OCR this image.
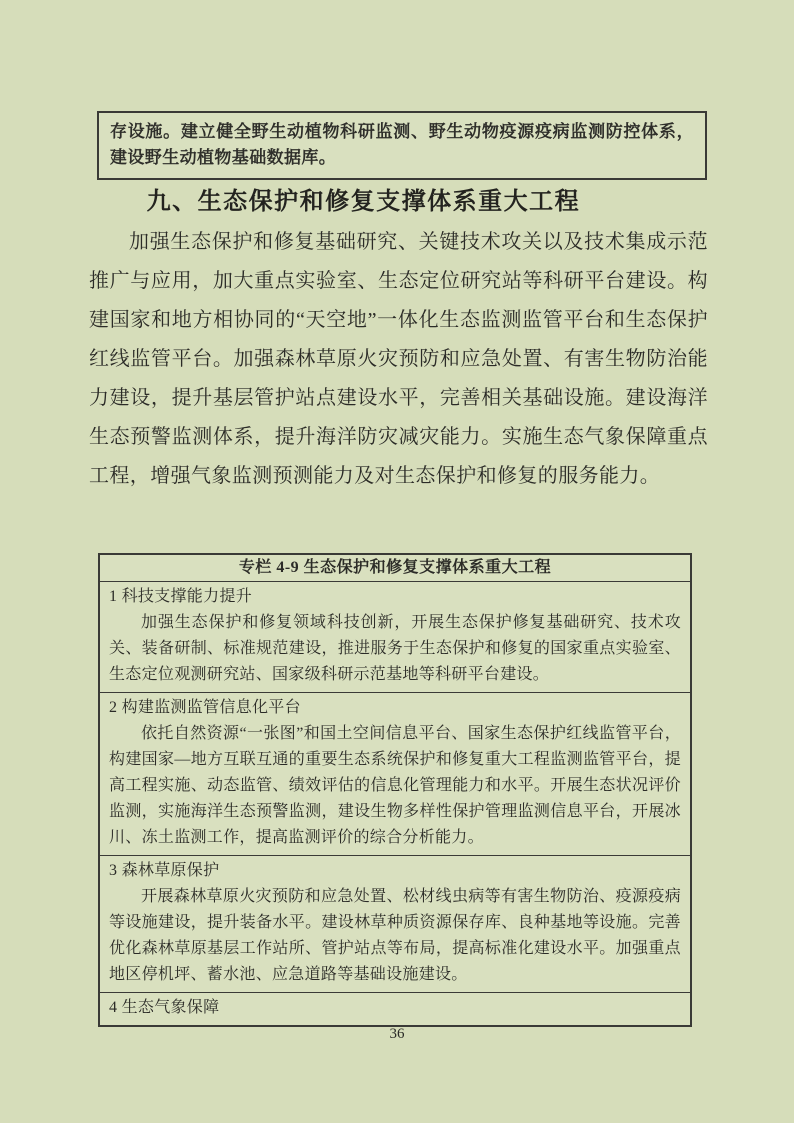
存设施。建立健全野生动植物科研监测、野生动物疫源疫病监测防控体系，建设野生动植物基础数据库。

九、生态保护和修复支撑体系重大工程

加强生态保护和修复基础研究、关键技术攻关以及技术集成示范推广与应用，加大重点实验室、生态定位研究站等科研平台建设。构建国家和地方相协同的“天空地”一体化生态监测监管平台和生态保护红线监管平台。加强森林草原火灾预防和应急处置、有害生物防治能力建设，提升基层管护站点建设水平，完善相关基础设施。建设海洋生态预警监测体系，提升海洋防灾减灾能力。实施生态气象保障重点工程，增强气象监测预测能力及对生态保护和修复的服务能力。

专栏 4-9 生态保护和修复支撑体系重大工程

1 科技支撑能力提升

加强生态保护和修复领域科技创新，开展生态保护修复基础研究、技术攻关、装备研制、标准规范建设，推进服务于生态保护和修复的国家重点实验室、生态定位观测研究站、国家级科研示范基地等科研平台建设。

2 构建监测监管信息化平台

依托自然资源“一张图”和国土空间信息平台、国家生态保护红线监管平台，构建国家—地方互联互通的重要生态系统保护和修复重大工程监测监管平台，提高工程实施、动态监管、绩效评估的信息化管理能力和水平。开展生态状况评价监测，实施海洋生态预警监测，建设生物多样性保护管理监测信息平台，开展冰川、冻土监测工作，提高监测评价的综合分析能力。

3 森林草原保护

开展森林草原火灾预防和应急处置、松材线虫病等有害生物防治、疫源疫病等设施建设，提升装备水平。建设林草种质资源保存库、良种基地等设施。完善优化森林草原基层工作站所、管护站点等布局，提高标准化建设水平。加强重点地区停机坪、蓄水池、应急道路等基础设施建设。

4 生态气象保障

36
